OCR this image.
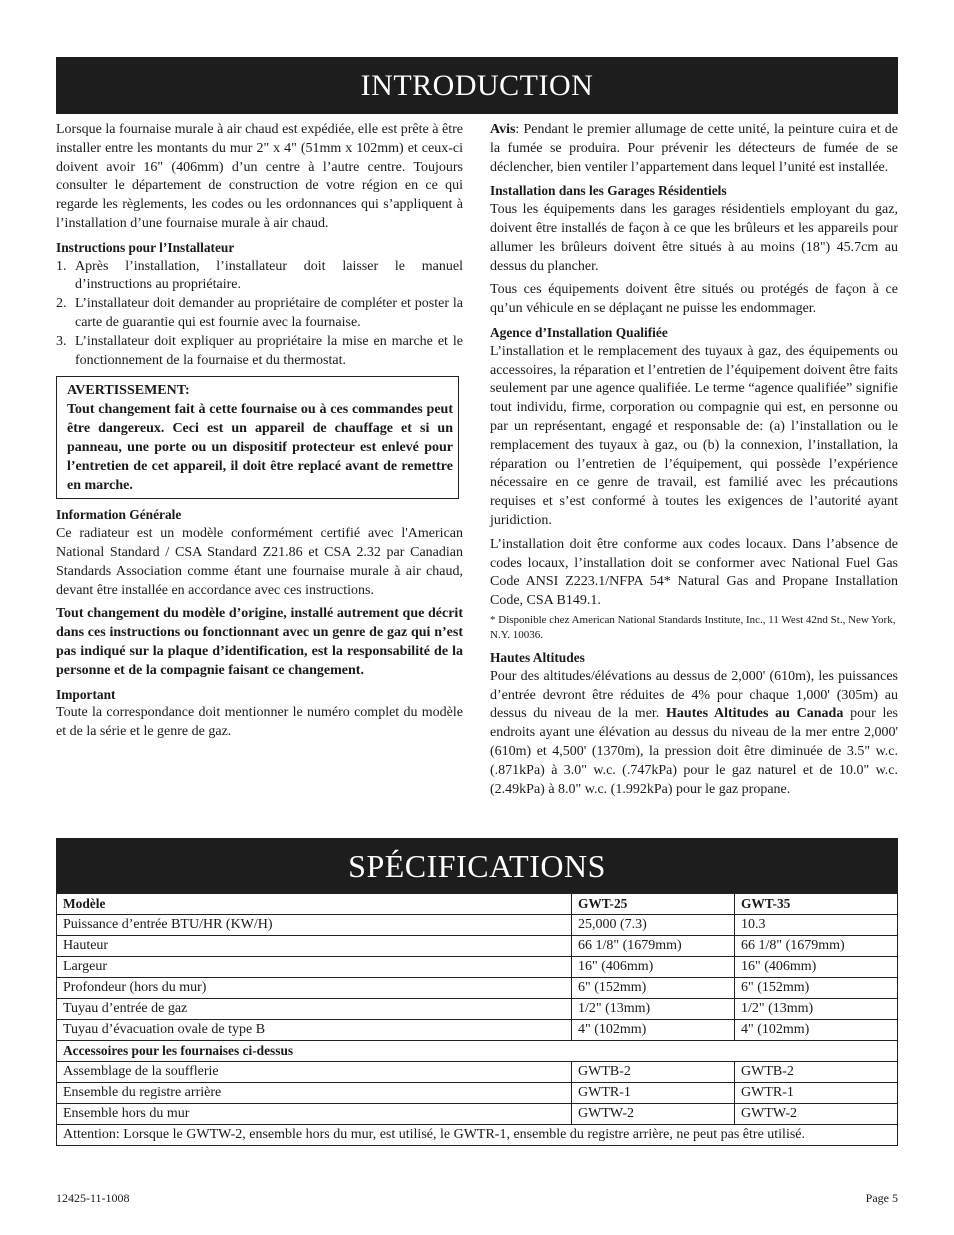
INTRODUCTION

Lorsque la fournaise murale à air chaud est expédiée, elle est prête à être installer entre les montants du mur 2" x 4" (51mm x 102mm) et ceux-ci doivent avoir 16" (406mm) d’un centre à l’autre centre. Toujours consulter le département de construction de votre région en ce qui regarde les règlements, les codes ou les ordonnances qui s’appliquent à l’installation d’une fournaise murale à air chaud.

Instructions pour l’Installateur

1. Après l’installation, l’installateur doit laisser le manuel d’instructions au propriétaire.
2. L’installateur doit demander au propriétaire de compléter et poster la carte de guarantie qui est fournie avec la fournaise.
3. L’installateur doit expliquer au propriétaire la mise en marche et le fonctionnement de la fournaise et du thermostat.

AVERTISSEMENT:

Tout changement fait à cette fournaise ou à ces commandes peut être dangereux. Ceci est un appareil de chauffage et si un panneau, une porte ou un dispositif protecteur est enlevé pour l’entretien de cet appareil, il doit être replacé avant de remettre en marche.

Information Générale

Ce radiateur est un modèle conformément certifié avec l'American National Standard / CSA Standard Z21.86 et CSA 2.32 par Canadian Standards Association comme étant une fournaise murale à air chaud, devant être installée en accordance avec ces instructions.

Tout changement du modèle d’origine, installé autrement que décrit dans ces instructions ou fonctionnant avec un genre de gaz qui n’est pas indiqué sur la plaque d’identification, est la responsabilité de la personne et de la compagnie faisant ce changement.

Important

Toute la correspondance doit mentionner le numéro complet du modèle et de la série et le genre de gaz.

Avis: Pendant le premier allumage de cette unité, la peinture cuira et de la fumée se produira. Pour prévenir les détecteurs de fumée de se déclencher, bien ventiler l’appartement dans lequel l’unité est installée.

Installation dans les Garages Résidentiels

Tous les équipements dans les garages résidentiels employant du gaz, doivent être installés de façon à ce que les brûleurs et les appareils pour allumer les brûleurs doivent être situés à au moins (18") 45.7cm au dessus du plancher.

Tous ces équipements doivent être situés ou protégés de façon à ce qu’un véhicule en se déplaçant ne puisse les endommager.

Agence d’Installation Qualifiée

L’installation et le remplacement des tuyaux à gaz, des équipements ou accessoires, la réparation et l’entretien de l’équipement doivent être faits seulement par une agence qualifiée. Le terme “agence qualifiée” signifie tout individu, firme, corporation ou compagnie qui est, en personne ou par un représentant, engagé et responsable de: (a) l’installation ou le remplacement des tuyaux à gaz, ou (b) la connexion, l’installation, la réparation ou l’entretien de l’équipement, qui possède l’expérience nécessaire en ce genre de travail, est familié avec les précautions requises et s’est conformé à toutes les exigences de l’autorité ayant juridiction.

L’installation doit être conforme aux codes locaux. Dans l’absence de codes locaux, l’installation doit se conformer avec National Fuel Gas Code ANSI Z223.1/NFPA 54* Natural Gas and Propane Installation Code, CSA B149.1.

* Disponible chez American National Standards Institute, Inc., 11 West 42nd St., New York, N.Y. 10036.

Hautes Altitudes

Pour des altitudes/élévations au dessus de 2,000' (610m), les puissances d’entrée devront être réduites de 4% pour chaque 1,000' (305m) au dessus du niveau de la mer. Hautes Altitudes au Canada pour les endroits ayant une élévation au dessus du niveau de la mer entre 2,000' (610m) et 4,500' (1370m), la pression doit être diminuée de 3.5" w.c. (.871kPa) à 3.0" w.c. (.747kPa) pour le gaz naturel et de 10.0" w.c. (2.49kPa) à 8.0" w.c. (1.992kPa) pour le gaz propane.

SPÉCIFICATIONS
Modèle	GWT-25	GWT-35
Puissance d’entrée BTU/HR (KW/H)	25,000 (7.3)	10.3
Hauteur	66 1/8" (1679mm)	66 1/8" (1679mm)
Largeur	16" (406mm)	16" (406mm)
Profondeur (hors du mur)	6" (152mm)	6" (152mm)
Tuyau d’entrée de gaz	1/2" (13mm)	1/2" (13mm)
Tuyau d’évacuation ovale de type B	4" (102mm)	4" (102mm)
Accessoires pour les fournaises ci-dessus		
Assemblage de la soufflerie	GWTB-2	GWTB-2
Ensemble du registre arrière	GWTR-1	GWTR-1
Ensemble hors du mur	GWTW-2	GWTW-2
Attention: Lorsque le GWTW-2, ensemble hors du mur, est utilisé, le GWTR-1, ensemble du registre arrière, ne peut pas être utilisé.		
12425-11-1008	Page 5
